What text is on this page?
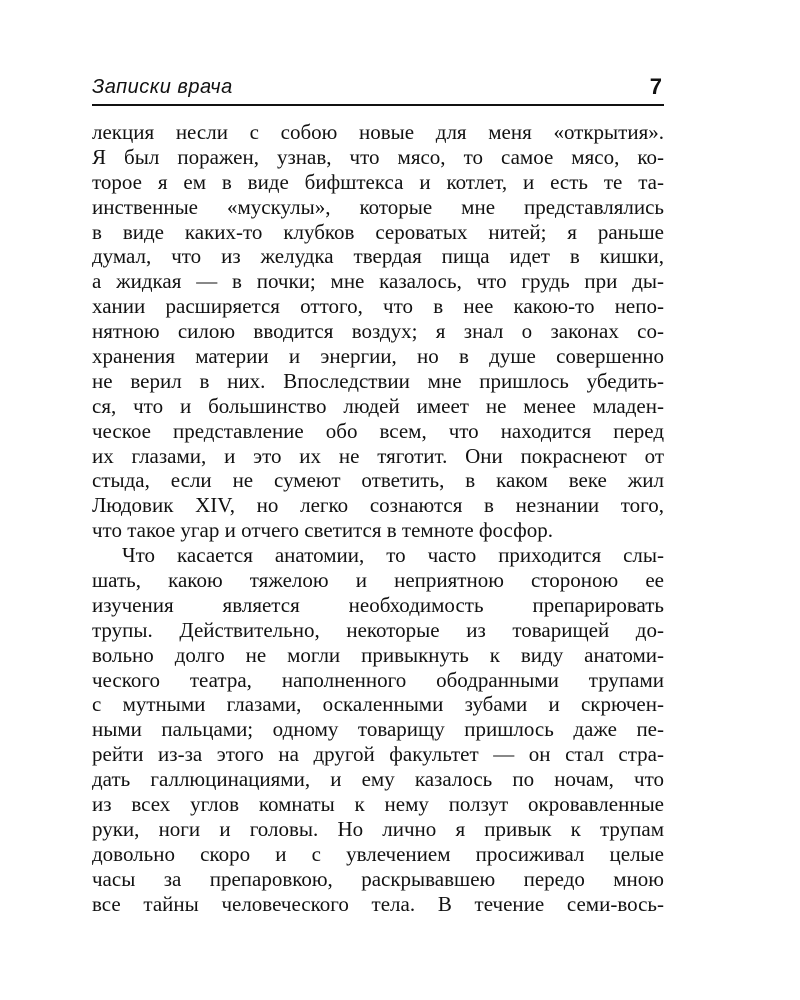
Записки врача	7
лекция несли с собою новые для меня «открытия».
Я был поражен, узнав, что мясо, то самое мясо, ко-
торое я ем в виде бифштекса и котлет, и есть те та-
инственные «мускулы», которые мне представлялись
в виде каких-то клубков сероватых нитей; я раньше
думал, что из желудка твердая пища идет в кишки,
а жидкая — в почки; мне казалось, что грудь при ды-
хании расширяется оттого, что в нее какою-то непо-
нятною силою вводится воздух; я знал о законах со-
хранения материи и энергии, но в душе совершенно
не верил в них. Впоследствии мне пришлось убедить-
ся, что и большинство людей имеет не менее младен-
ческое представление обо всем, что находится перед
их глазами, и это их не тяготит. Они покраснеют от
стыда, если не сумеют ответить, в каком веке жил
Людовик XIV, но легко сознаются в незнании того,
что такое угар и отчего светится в темноте фосфор.
Что касается анатомии, то часто приходится слы-
шать, какою тяжелою и неприятною стороною ее
изучения является необходимость препарировать
трупы. Действительно, некоторые из товарищей до-
вольно долго не могли привыкнуть к виду анатоми-
ческого театра, наполненного ободранными трупами
с мутными глазами, оскаленными зубами и скрючен-
ными пальцами; одному товарищу пришлось даже пе-
рейти из-за этого на другой факультет — он стал стра-
дать галлюцинациями, и ему казалось по ночам, что
из всех углов комнаты к нему ползут окровавленные
руки, ноги и головы. Но лично я привык к трупам
довольно скоро и с увлечением просиживал целые
часы за препаровкою, раскрывавшею передо мною
все тайны человеческого тела. В течение семи-вось-
